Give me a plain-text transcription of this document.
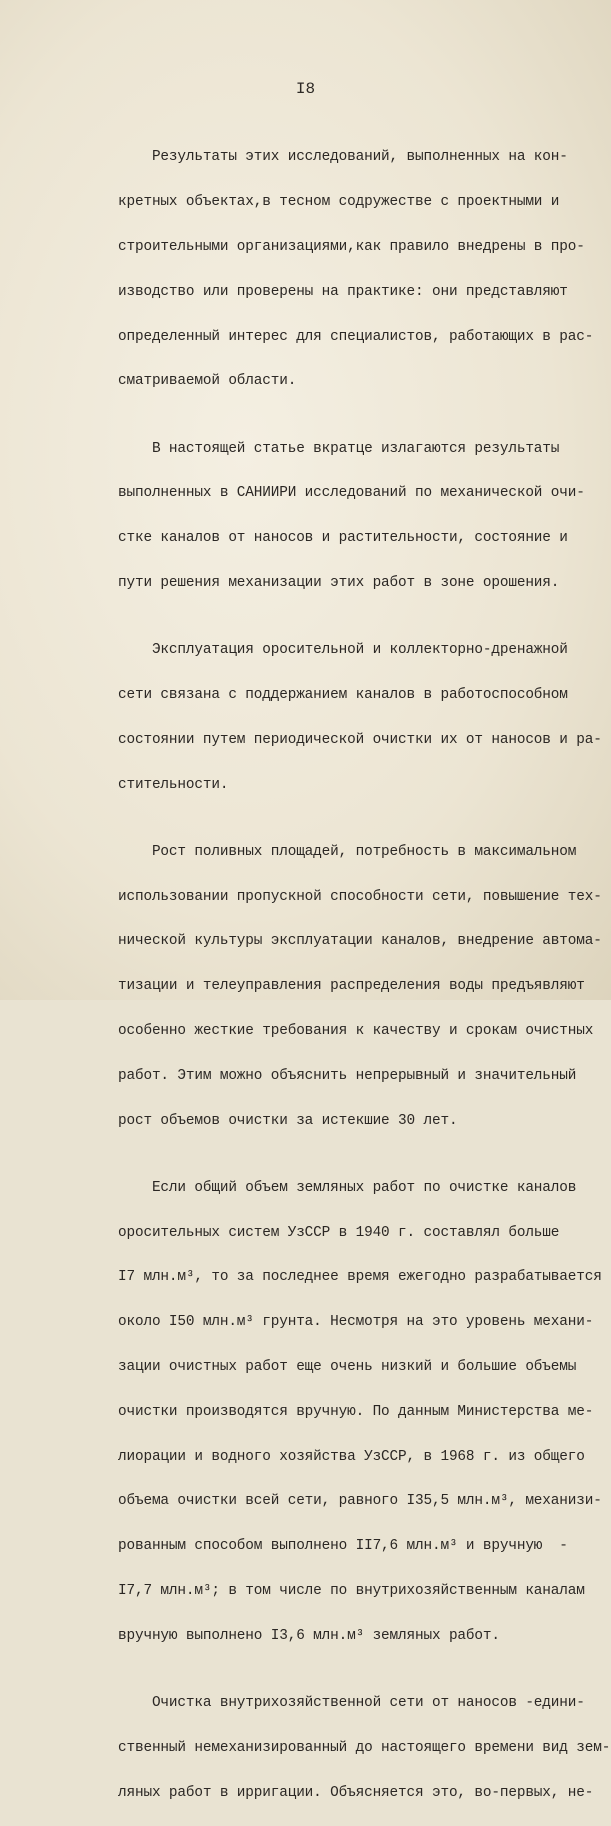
I8

Результаты этих исследований, выполненных на кон-

кретных объектах,в тесном содружестве с проектными и

строительными организациями,как правило внедрены в про-

изводство или проверены на практике: они представляют

определенный интерес для специалистов, работающих в рас-

сматриваемой области.

В настоящей статье вкратце излагаются результаты

выполненных в САНИИРИ исследований по механической очи-

стке каналов от наносов и растительности, состояние и

пути решения механизации этих работ в зоне орошения.

Эксплуатация оросительной и коллекторно-дренажной

сети связана с поддержанием каналов в работоспособном

состоянии путем периодической очистки их от наносов и ра-

стительности.

Рост поливных площадей, потребность в максимальном

использовании пропускной способности сети, повышение тех-

нической культуры эксплуатации каналов, внедрение автома-

тизации и телеуправления распределения воды предъявляют

особенно жесткие требования к качеству и срокам очистных

работ. Этим можно объяснить непрерывный и значительный

рост объемов очистки за истекшие 30 лет.

Если общий объем земляных работ по очистке каналов

оросительных систем УзССР в 1940 г. составлял больше

I7 млн.м³, то за последнее время ежегодно разрабатывается

около I50 млн.м³ грунта. Несмотря на это уровень механи-

зации очистных работ еще очень низкий и большие объемы

очистки производятся вручную. По данным Министерства ме-

лиорации и водного хозяйства УзССР, в 1968 г. из общего

объема очистки всей сети, равного I35,5 млн.м³, механизи-

рованным способом выполнено II7,6 млн.м³ и вручную  -

I7,7 млн.м³; в том числе по внутрихозяйственным каналам

вручную выполнено I3,6 млн.м³ земляных работ.

Очистка внутрихозяйственной сети от наносов -едини-

ственный немеханизированный до настоящего времени вид зем-

ляных работ в ирригации. Объясняется это, во-первых, не-
